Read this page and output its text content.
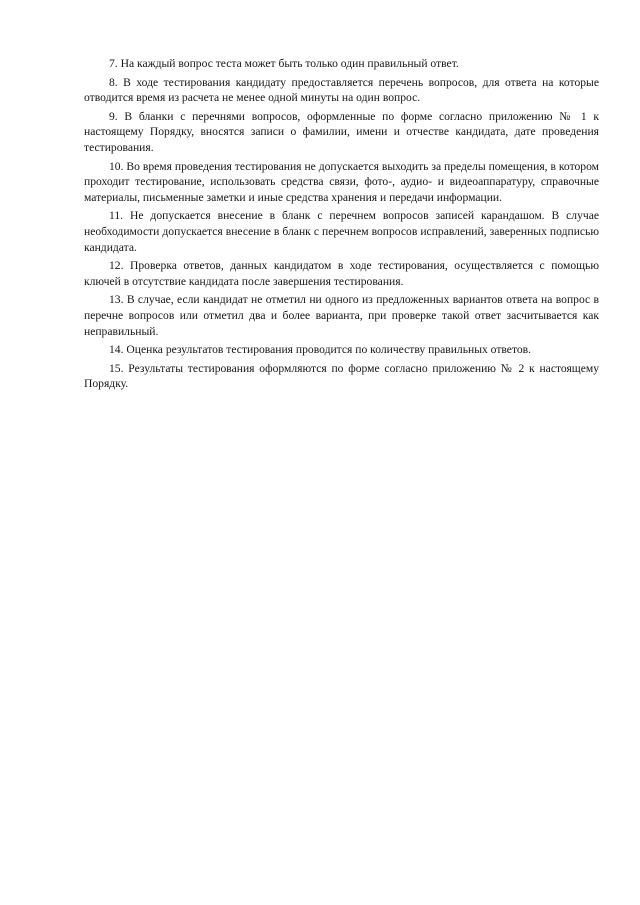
7. На каждый вопрос теста может быть только один правильный ответ.

8. В ходе тестирования кандидату предоставляется перечень вопросов, для ответа на которые отводится время из расчета не менее одной минуты на один вопрос.

9. В бланки с перечнями вопросов, оформленные по форме согласно приложению № 1 к настоящему Порядку, вносятся записи о фамилии, имени и отчестве кандидата, дате проведения тестирования.

10. Во время проведения тестирования не допускается выходить за пределы помещения, в котором проходит тестирование, использовать средства связи, фото-, аудио- и видеоаппаратуру, справочные материалы, письменные заметки и иные средства хранения и передачи информации.

11. Не допускается внесение в бланк с перечнем вопросов записей карандашом. В случае необходимости допускается внесение в бланк с перечнем вопросов исправлений, заверенных подписью кандидата.

12. Проверка ответов, данных кандидатом в ходе тестирования, осуществляется с помощью ключей в отсутствие кандидата после завершения тестирования.

13. В случае, если кандидат не отметил ни одного из предложенных вариантов ответа на вопрос в перечне вопросов или отметил два и более варианта, при проверке такой ответ засчитывается как неправильный.

14. Оценка результатов тестирования проводится по количеству правильных ответов.

15. Результаты тестирования оформляются по форме согласно приложению № 2 к настоящему Порядку.
